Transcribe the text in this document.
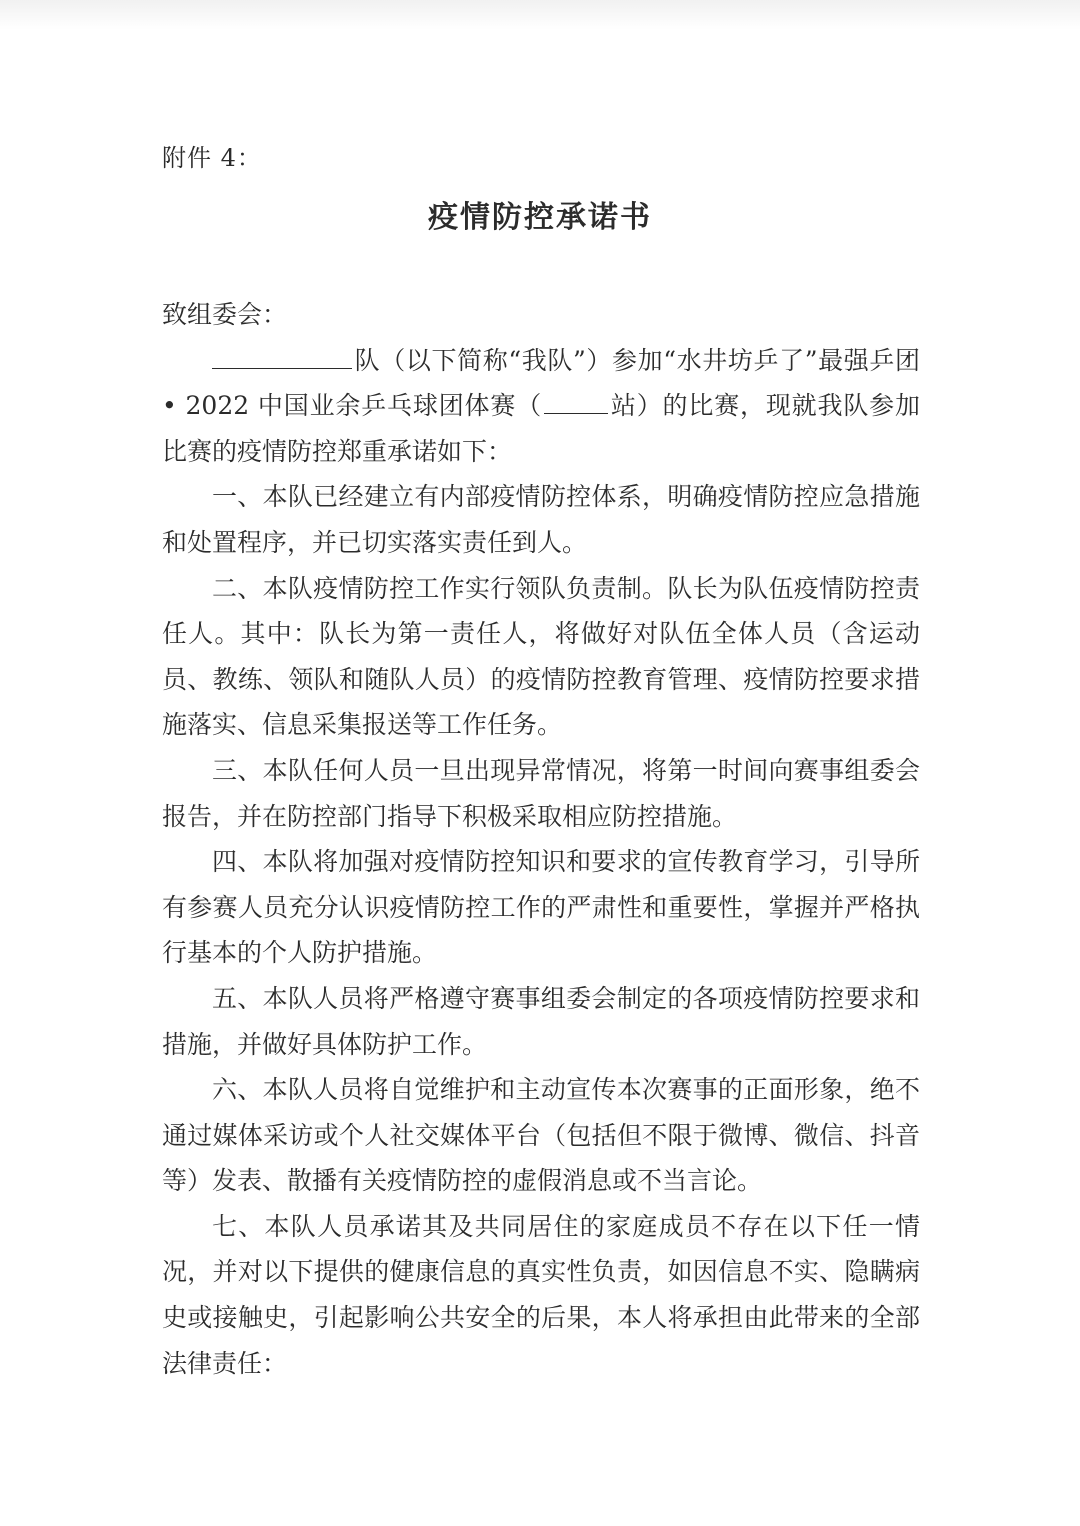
附件 4：
疫情防控承诺书

致组委会：

队（以下简称“我队”）参加“水井坊乒了”最强乒团 • 2022 中国业余乒乓球团体赛（	站）的比赛，现就我队参加比赛的疫情防控郑重承诺如下：

一、本队已经建立有内部疫情防控体系，明确疫情防控应急措施和处置程序，并已切实落实责任到人。

二、本队疫情防控工作实行领队负责制。队长为队伍疫情防控责任人。其中：队长为第一责任人，将做好对队伍全体人员（含运动员、教练、领队和随队人员）的疫情防控教育管理、疫情防控要求措施落实、信息采集报送等工作任务。

三、本队任何人员一旦出现异常情况，将第一时间向赛事组委会报告，并在防控部门指导下积极采取相应防控措施。

四、本队将加强对疫情防控知识和要求的宣传教育学习，引导所有参赛人员充分认识疫情防控工作的严肃性和重要性，掌握并严格执行基本的个人防护措施。

五、本队人员将严格遵守赛事组委会制定的各项疫情防控要求和措施，并做好具体防护工作。

六、本队人员将自觉维护和主动宣传本次赛事的正面形象，绝不通过媒体采访或个人社交媒体平台（包括但不限于微博、微信、抖音等）发表、散播有关疫情防控的虚假消息或不当言论。

七、本队人员承诺其及共同居住的家庭成员不存在以下任一情况，并对以下提供的健康信息的真实性负责，如因信息不实、隐瞒病史或接触史，引起影响公共安全的后果，本人将承担由此带来的全部法律责任：
